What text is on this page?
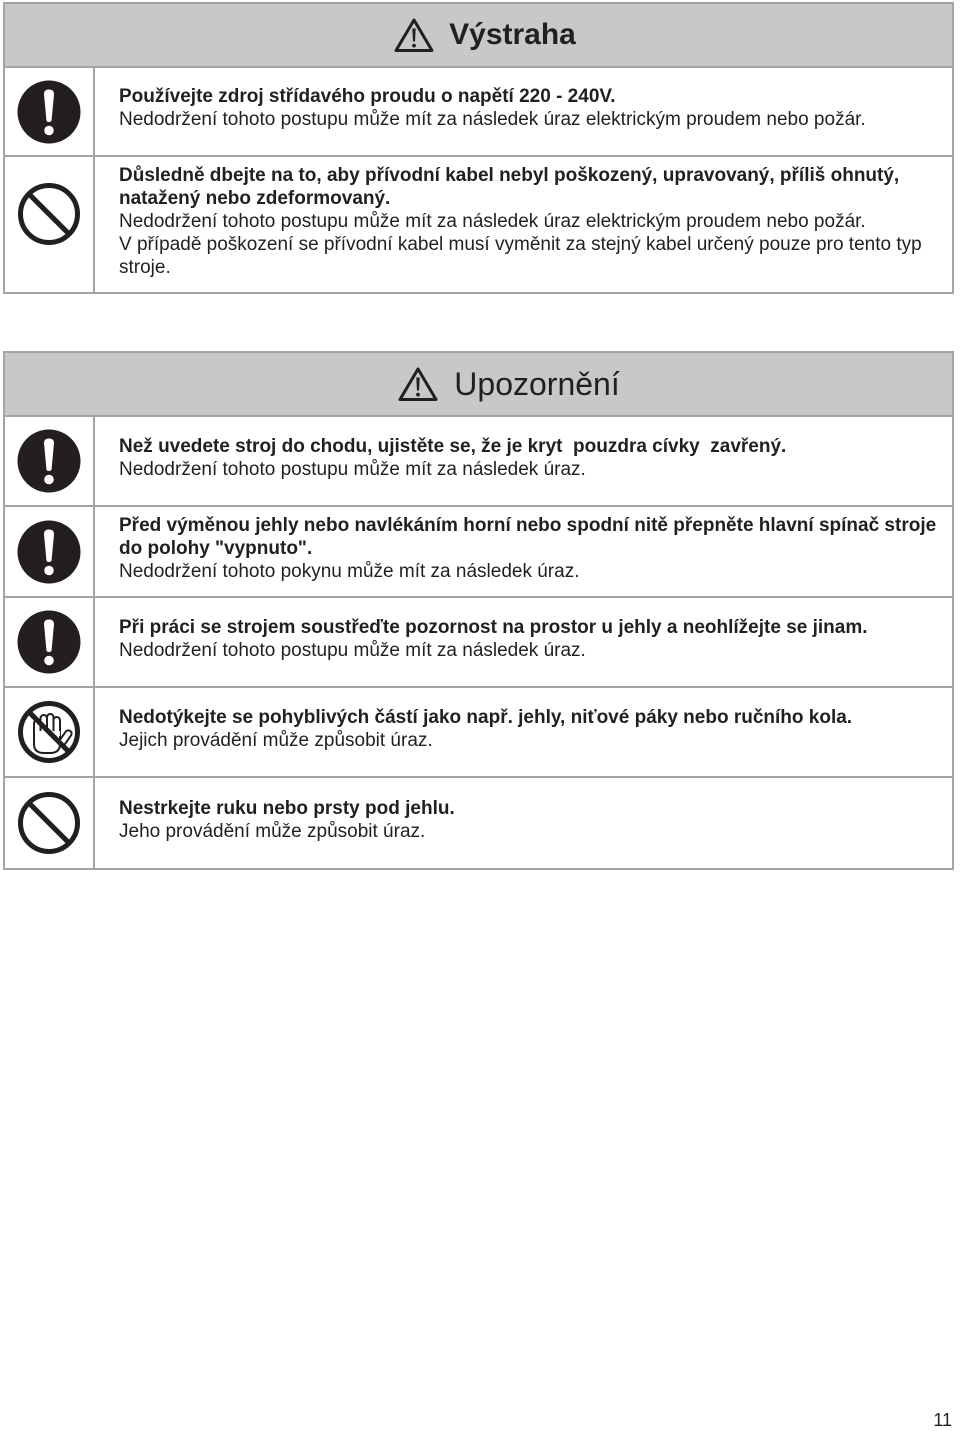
Výstraha
Používejte zdroj střídavého proudu o napětí 220 - 240V.
Nedodržení tohoto postupu může mít za následek úraz elektrickým proudem nebo požár.
Důsledně dbejte na to, aby přívodní kabel nebyl poškozený, upravovaný, příliš ohnutý,
natažený nebo zdeformovaný.
Nedodržení tohoto postupu může mít za následek úraz elektrickým proudem nebo požár.
V případě poškození se přívodní kabel musí vyměnit za stejný kabel určený pouze pro tento typ
stroje.
Upozornění
Než uvedete stroj do chodu, ujistěte se, že je kryt  pouzdra cívky  zavřený.
Nedodržení tohoto postupu může mít za následek úraz.
Před výměnou jehly nebo navlékáním horní nebo spodní nitě přepněte hlavní spínač stroje
do polohy "vypnuto".
Nedodržení tohoto pokynu může mít za následek úraz.
Při práci se strojem soustřeďte pozornost na prostor u jehly a neohlížejte se jinam.
Nedodržení tohoto postupu může mít za následek úraz.
Nedotýkejte se pohyblivých částí jako např. jehly, niťové páky nebo ručního kola.
Jejich provádění může způsobit úraz.
Nestrkejte ruku nebo prsty pod jehlu.
Jeho provádění může způsobit úraz.
11
